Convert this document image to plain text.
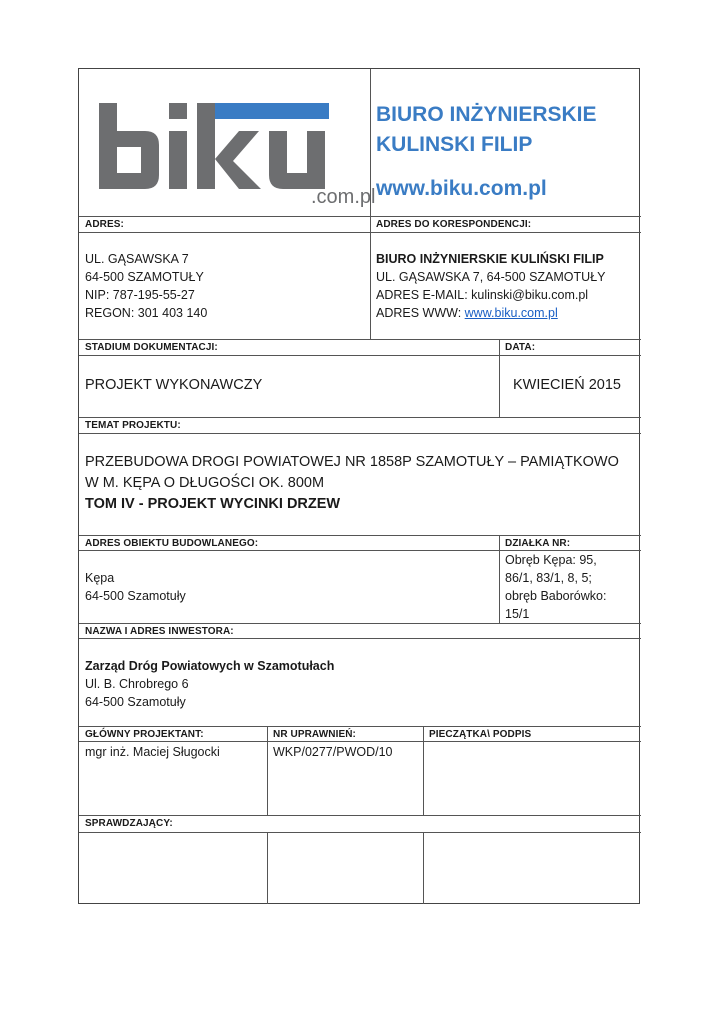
.com.pl
BIURO INŻYNIERSKIE
KULINSKI FILIP
www.biku.com.pl
ADRES:	ADRES DO KORESPONDENCJI:
UL. GĄSAWSKA 7
64-500 SZAMOTUŁY
NIP: 787-195-55-27
REGON: 301 403 140
BIURO INŻYNIERSKIE KULIŃSKI FILIP
UL. GĄSAWSKA 7, 64-500 SZAMOTUŁY
ADRES E-MAIL: kulinski@biku.com.pl
ADRES WWW: www.biku.com.pl
STADIUM DOKUMENTACJI:	DATA:
PROJEKT WYKONAWCZY	KWIECIEŃ 2015
TEMAT PROJEKTU:
PRZEBUDOWA DROGI POWIATOWEJ NR 1858P SZAMOTUŁY – PAMIĄTKOWO
W M. KĘPA O DŁUGOŚCI OK. 800M
TOM IV - PROJEKT WYCINKI DRZEW
ADRES OBIEKTU BUDOWLANEGO:	DZIAŁKA NR:
Kępa
64-500 Szamotuły
Obręb Kępa: 95,
86/1, 83/1, 8, 5;
obręb Baborówko:
15/1
NAZWA I ADRES INWESTORA:
Zarząd Dróg Powiatowych w Szamotułach
Ul. B. Chrobrego 6
64-500 Szamotuły
GŁÓWNY PROJEKTANT:	NR UPRAWNIEŃ:	PIECZĄTKA\ PODPIS
mgr inż. Maciej Sługocki	WKP/0277/PWOD/10
SPRAWDZAJĄCY:
